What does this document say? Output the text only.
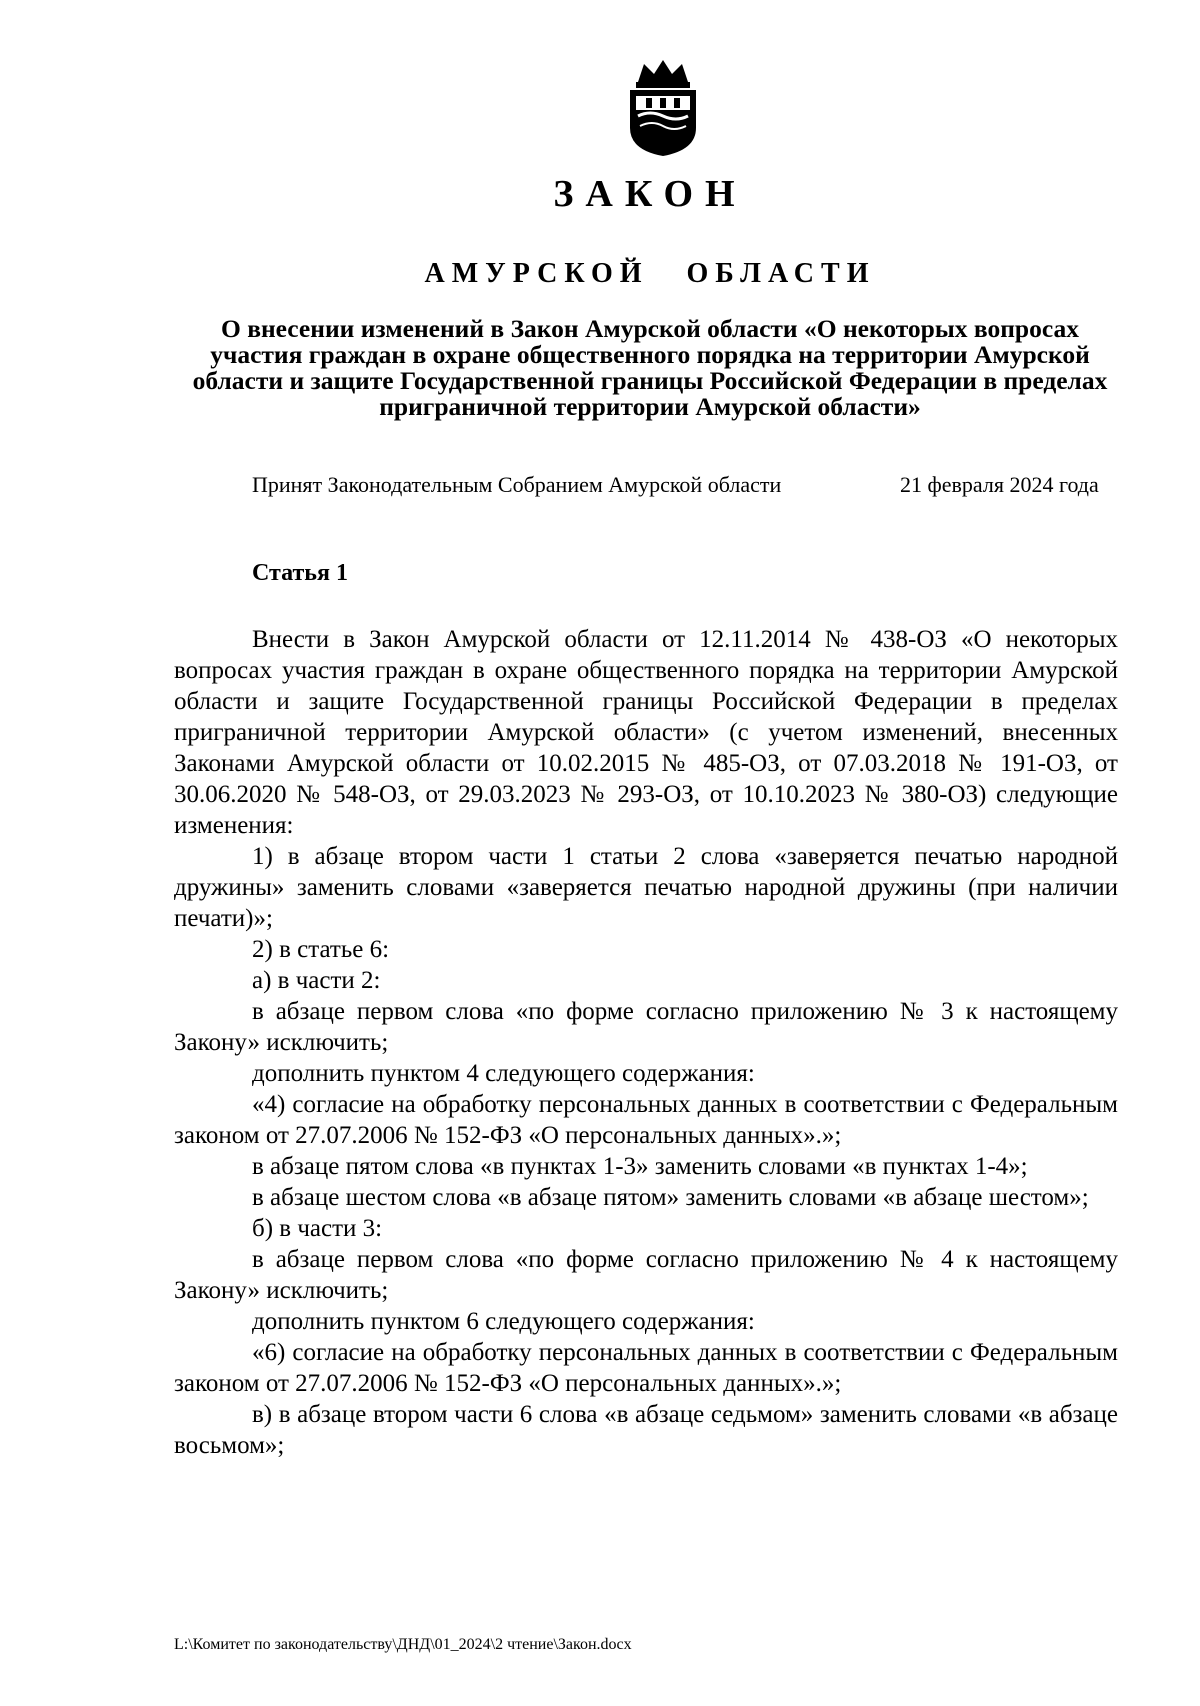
ЗАКОН
АМУРСКОЙ ОБЛАСТИ
О внесении изменений в Закон Амурской области «О некоторых вопросах участия граждан в охране общественного порядка на территории Амурской области и защите Государственной границы Российской Федерации в пределах приграничной территории Амурской области»
Принят Законодательным Собранием Амурской области	21 февраля 2024 года
Статья 1

Внести в Закон Амурской области от 12.11.2014 № 438-ОЗ «О некоторых вопросах участия граждан в охране общественного порядка на территории Амурской области и защите Государственной границы Российской Федерации в пределах приграничной территории Амурской области» (с учетом изменений, внесенных Законами Амурской области от 10.02.2015 № 485-ОЗ, от 07.03.2018 № 191-ОЗ, от 30.06.2020 № 548-ОЗ, от 29.03.2023 № 293-ОЗ, от 10.10.2023 № 380-ОЗ) следующие изменения:

1) в абзаце втором части 1 статьи 2 слова «заверяется печатью народной дружины» заменить словами «заверяется печатью народной дружины (при наличии печати)»;

2) в статье 6:

а) в части 2:

в абзаце первом слова «по форме согласно приложению № 3 к настоящему Закону» исключить;

дополнить пунктом 4 следующего содержания:

«4) согласие на обработку персональных данных в соответствии с Федеральным законом от 27.07.2006 № 152-ФЗ «О персональных данных».»;

в абзаце пятом слова «в пунктах 1-3» заменить словами «в пунктах 1-4»;

в абзаце шестом слова «в абзаце пятом» заменить словами «в абзаце шестом»;

б) в части 3:

в абзаце первом слова «по форме согласно приложению № 4 к настоящему Закону» исключить;

дополнить пунктом 6 следующего содержания:

«6) согласие на обработку персональных данных в соответствии с Федеральным законом от 27.07.2006 № 152-ФЗ «О персональных данных».»;

в) в абзаце втором части 6 слова «в абзаце седьмом» заменить словами «в абзаце восьмом»;

L:\Комитет по законодательству\ДНД\01_2024\2 чтение\Закон.docx
